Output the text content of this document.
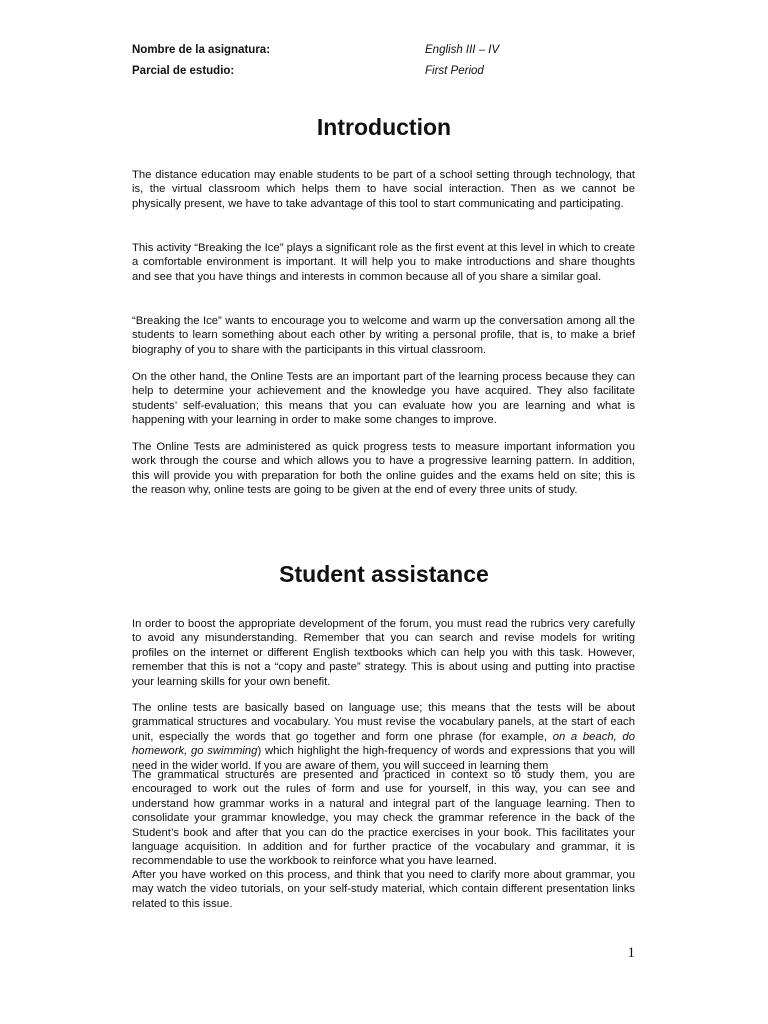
Nombre de la asignatura:	English III – IV
Parcial de estudio:	First Period
Introduction

The distance education may enable students to be part of a school setting through technology, that is, the virtual classroom which helps them to have social interaction. Then as we cannot be physically present, we have to take advantage of this tool to start communicating and participating.

This activity “Breaking the Ice” plays a significant role as the first event at this level in which to create a comfortable environment is important. It will help you to make introductions and share thoughts and see that you have things and interests in common because all of you share a similar goal.

“Breaking the Ice” wants to encourage you to welcome and warm up the conversation among all the students to learn something about each other by writing a personal profile, that is, to make a brief biography of you to share with the participants in this virtual classroom.

On the other hand, the Online Tests are an important part of the learning process because they can help to determine your achievement and the knowledge you have acquired. They also facilitate students’ self-evaluation; this means that you can evaluate how you are learning and what is happening with your learning in order to make some changes to improve.

The Online Tests are administered as quick progress tests to measure important information you work through the course and which allows you to have a progressive learning pattern. In addition, this will provide you with preparation for both the online guides and the exams held on site; this is the reason why, online tests are going to be given at the end of every three units of study.

Student assistance

In order to boost the appropriate development of the forum, you must read the rubrics very carefully to avoid any misunderstanding. Remember that you can search and revise models for writing profiles on the internet or different English textbooks which can help you with this task. However, remember that this is not a “copy and paste” strategy. This is about using and putting into practise your learning skills for your own benefit.

The online tests are basically based on language use; this means that the tests will be about grammatical structures and vocabulary. You must revise the vocabulary panels, at the start of each unit, especially the words that go together and form one phrase (for example, on a beach, do homework, go swimming) which highlight the high-frequency of words and expressions that you will need in the wider world. If you are aware of them, you will succeed in learning them

The grammatical structures are presented and practiced in context so to study them, you are encouraged to work out the rules of form and use for yourself, in this way, you can see and understand how grammar works in a natural and integral part of the language learning. Then to consolidate your grammar knowledge, you may check the grammar reference in the back of the Student’s book and after that you can do the practice exercises in your book. This facilitates your language acquisition. In addition and for further practice of the vocabulary and grammar, it is recommendable to use the workbook to reinforce what you have learned.

After you have worked on this process, and think that you need to clarify more about grammar, you may watch the video tutorials, on your self-study material, which contain different presentation links related to this issue.

1
